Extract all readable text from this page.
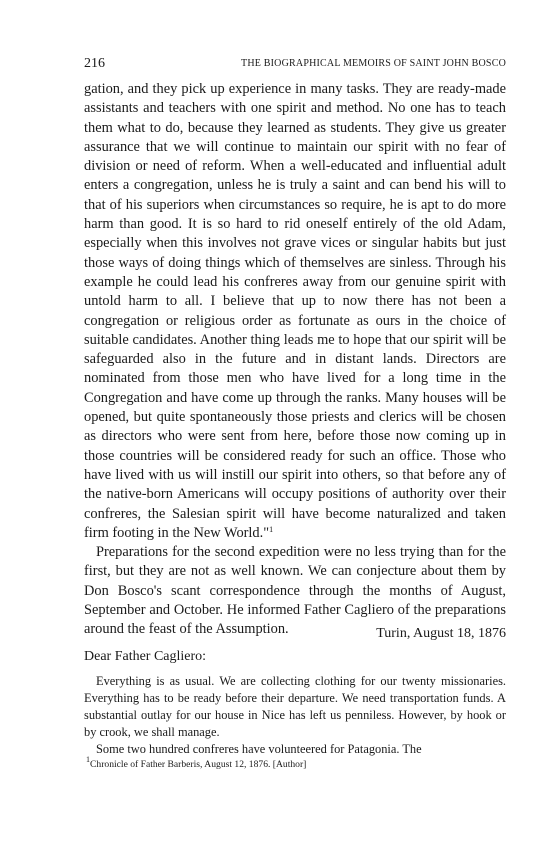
216	THE BIOGRAPHICAL MEMOIRS OF SAINT JOHN BOSCO

gation, and they pick up experience in many tasks. They are ready-made assistants and teachers with one spirit and method. No one has to teach them what to do, because they learned as students. They give us greater assurance that we will continue to maintain our spirit with no fear of division or need of reform. When a well-educated and influential adult enters a congregation, unless he is truly a saint and can bend his will to that of his superiors when circumstances so require, he is apt to do more harm than good. It is so hard to rid oneself entirely of the old Adam, especially when this involves not grave vices or singular habits but just those ways of doing things which of themselves are sinless. Through his example he could lead his confreres away from our genuine spirit with untold harm to all. I believe that up to now there has not been a congregation or religious order as fortunate as ours in the choice of suitable candidates. Another thing leads me to hope that our spirit will be safeguarded also in the future and in distant lands. Directors are nominated from those men who have lived for a long time in the Congregation and have come up through the ranks. Many houses will be opened, but quite spontaneously those priests and clerics will be chosen as directors who were sent from here, before those now coming up in those countries will be considered ready for such an office. Those who have lived with us will instill our spirit into others, so that before any of the native-born Americans will occupy positions of authority over their confreres, the Salesian spirit will have become naturalized and taken firm footing in the New World."$^1$

Preparations for the second expedition were no less trying than for the first, but they are not as well known. We can conjecture about them by Don Bosco's scant correspondence through the months of August, September and October. He informed Father Cagliero of the preparations around the feast of the Assumption.	Turin, August 18, 1876
Dear Father Cagliero:

Everything is as usual. We are collecting clothing for our twenty missionaries. Everything has to be ready before their departure. We need transportation funds. A substantial outlay for our house in Nice has left us penniless. However, by hook or by crook, we shall manage.

Some two hundred confreres have volunteered for Patagonia. The

$^1$Chronicle of Father Barberis, August 12, 1876. [Author]
